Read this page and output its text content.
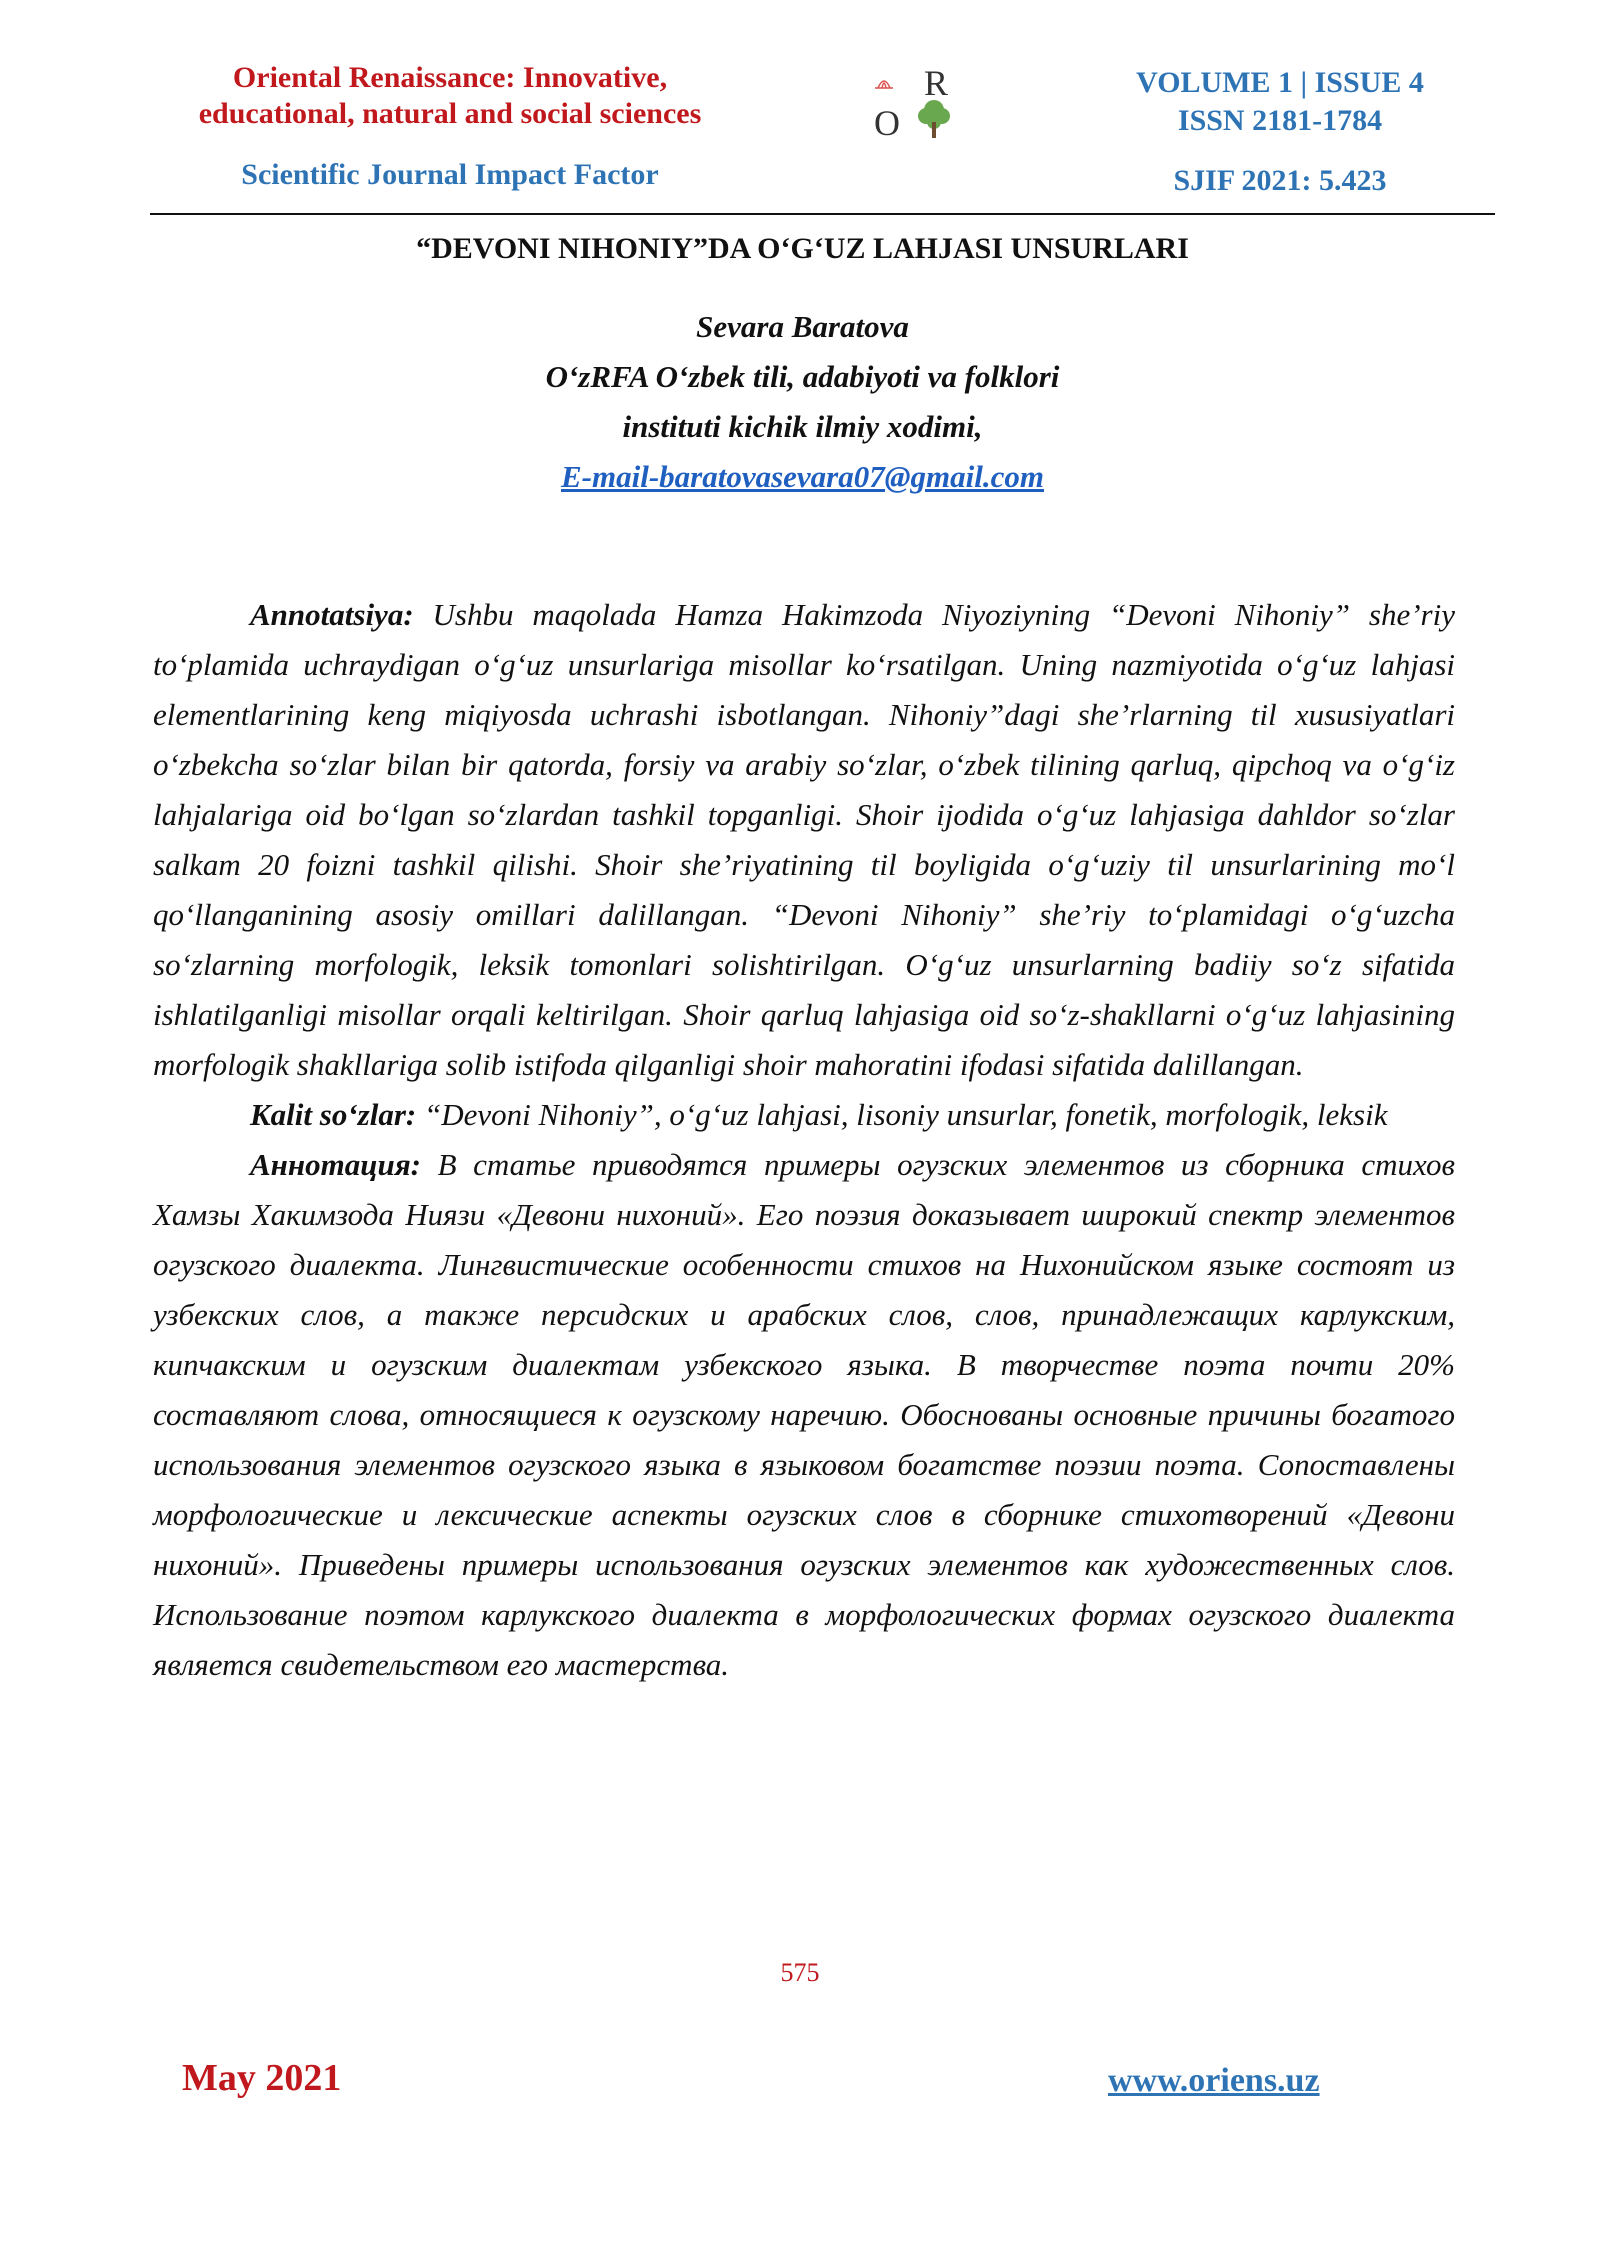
Oriental Renaissance: Innovative,
educational, natural and social sciences
Scientific Journal Impact Factor
O
R	VOLUME 1 | ISSUE 4
ISSN 2181-1784
SJIF 2021: 5.423
“DEVONI NIHONIY”DA O‘G‘UZ LAHJASI UNSURLARI
Sevara Baratova
O‘zRFA O‘zbek tili, adabiyoti va folklori
instituti kichik ilmiy xodimi,
E-mail-baratovasevara07@gmail.com

Annotatsiya: Ushbu maqolada Hamza Hakimzoda Niyoziyning “Devoni Nihoniy” she’riy to‘plamida uchraydigan o‘g‘uz unsurlariga misollar ko‘rsatilgan. Uning nazmiyotida o‘g‘uz lahjasi elementlarining keng miqiyosda uchrashi isbotlangan. Nihoniy”dagi she’rlarning til xususiyatlari o‘zbekcha so‘zlar bilan bir qatorda, forsiy va arabiy so‘zlar, o‘zbek tilining qarluq, qipchoq va o‘g‘iz lahjalariga oid bo‘lgan so‘zlardan tashkil topganligi. Shoir ijodida o‘g‘uz lahjasiga dahldor so‘zlar salkam 20 foizni tashkil qilishi. Shoir she’riyatining til boyligida o‘g‘uziy til unsurlarining mo‘l qo‘llanganining asosiy omillari dalillangan. “Devoni Nihoniy” she’riy to‘plamidagi o‘g‘uzcha so‘zlarning morfologik, leksik tomonlari solishtirilgan. O‘g‘uz unsurlarning badiiy so‘z sifatida ishlatilganligi misollar orqali keltirilgan. Shoir qarluq lahjasiga oid so‘z-shakllarni o‘g‘uz lahjasining morfologik shakllariga solib istifoda qilganligi shoir mahoratini ifodasi sifatida dalillangan.

Kalit so‘zlar: “Devoni Nihoniy”, o‘g‘uz lahjasi, lisoniy unsurlar, fonetik, morfologik, leksik

Аннотация: В статье приводятся примеры огузских элементов из сборника стихов Хамзы Хакимзода Ниязи «Девони нихоний». Его поэзия доказывает широкий спектр элементов огузского диалекта. Лингвистические особенности стихов на Нихонийском языке состоят из узбекских слов, а также персидских и арабских слов, слов, принадлежащих карлукским, кипчакским и огузским диалектам узбекского языка. В творчестве поэта почти 20% составляют слова, относящиеся к огузскому наречию. Обоснованы основные причины богатого использования элементов огузского языка в языковом богатстве поэзии поэта. Сопоставлены морфологические и лексические аспекты огузских слов в сборнике стихотворений «Девони нихоний». Приведены примеры использования огузских элементов как художественных слов. Использование поэтом карлукского диалекта в морфологических формах огузского диалекта является свидетельством его мастерства.

575
May 2021	www.oriens.uz
